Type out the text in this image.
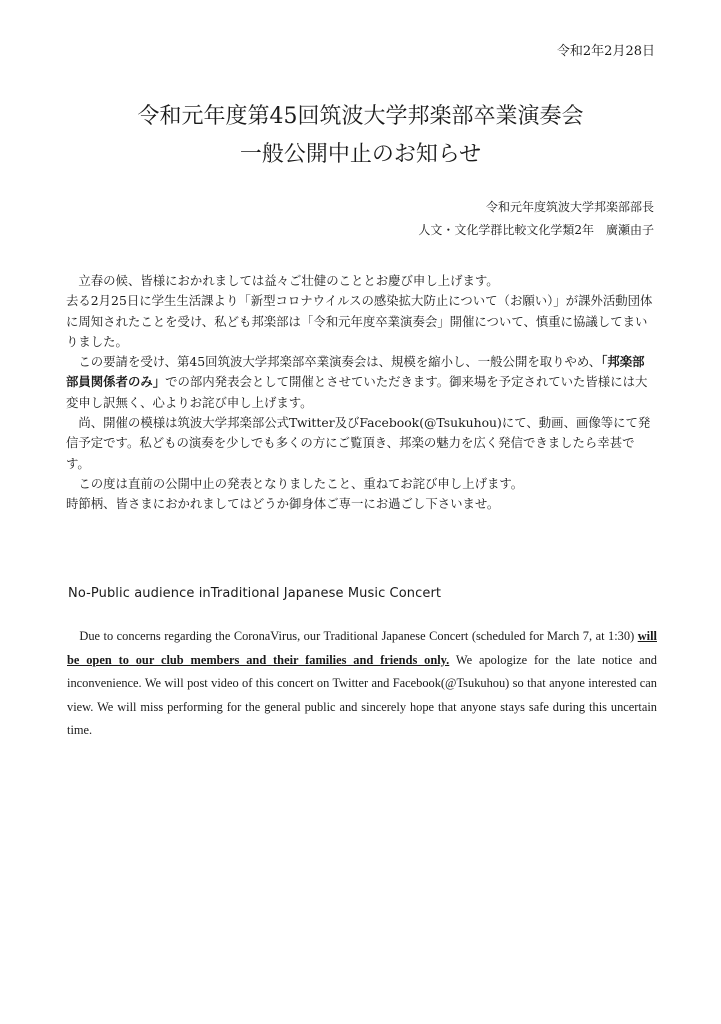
令和2年2月28日
令和元年度第45回筑波大学邦楽部卒業演奏会
一般公開中止のお知らせ
令和元年度筑波大学邦楽部部長
人文・文化学群比較文化学類2年　廣瀬由子

　立春の候、皆様におかれましては益々ご壮健のこととお慶び申し上げます。

去る2月25日に学生生活課より「新型コロナウイルスの感染拡大防止について（お願い）」が課外活動団体に周知されたことを受け、私ども邦楽部は「令和元年度卒業演奏会」開催について、慎重に協議してまいりました。

　この要請を受け、第45回筑波大学邦楽部卒業演奏会は、規模を縮小し、一般公開を取りやめ、「邦楽部部員関係者のみ」での部内発表会として開催とさせていただきます。御来場を予定されていた皆様には大変申し訳無く、心よりお詫び申し上げます。

　尚、開催の模様は筑波大学邦楽部公式Twitter及びFacebook(@Tsukuhou)にて、動画、画像等にて発信予定です。私どもの演奏を少しでも多くの方にご覧頂き、邦楽の魅力を広く発信できましたら幸甚です。

　この度は直前の公開中止の発表となりましたこと、重ねてお詫び申し上げます。

時節柄、皆さまにおかれましてはどうか御身体ご専一にお過ごし下さいませ。

No-Public audience inTraditional Japanese Music Concert

 Due to concerns regarding the CoronaVirus, our Traditional Japanese Concert (scheduled for March 7, at 1:30) will be open to our club members and their families and friends only. We apologize for the late notice and inconvenience. We will post video of this concert on Twitter and Facebook(@Tsukuhou) so that anyone interested can view. We will miss performing for the general public and sincerely hope that anyone stays safe during this uncertain time.
